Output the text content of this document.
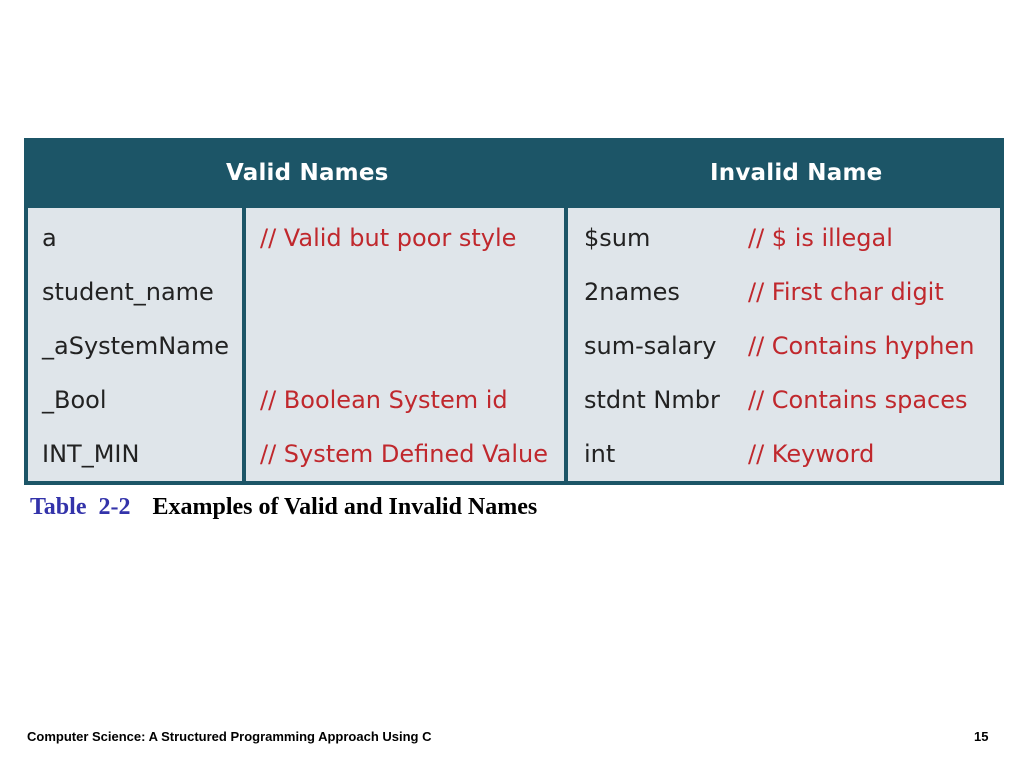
Valid Names	Invalid Name
a
student_name
_aSystemName
_Bool
INT_MIN
// Valid but poor style
// Boolean System id
// System Defined Value
$sum
2names
sum-salary
stdnt Nmbr
int
// $ is illegal
// First char digit
// Contains hyphen
// Contains spaces
// Keyword
Table  2-2 Examples of Valid and Invalid Names
Computer Science: A Structured Programming Approach Using C	15
